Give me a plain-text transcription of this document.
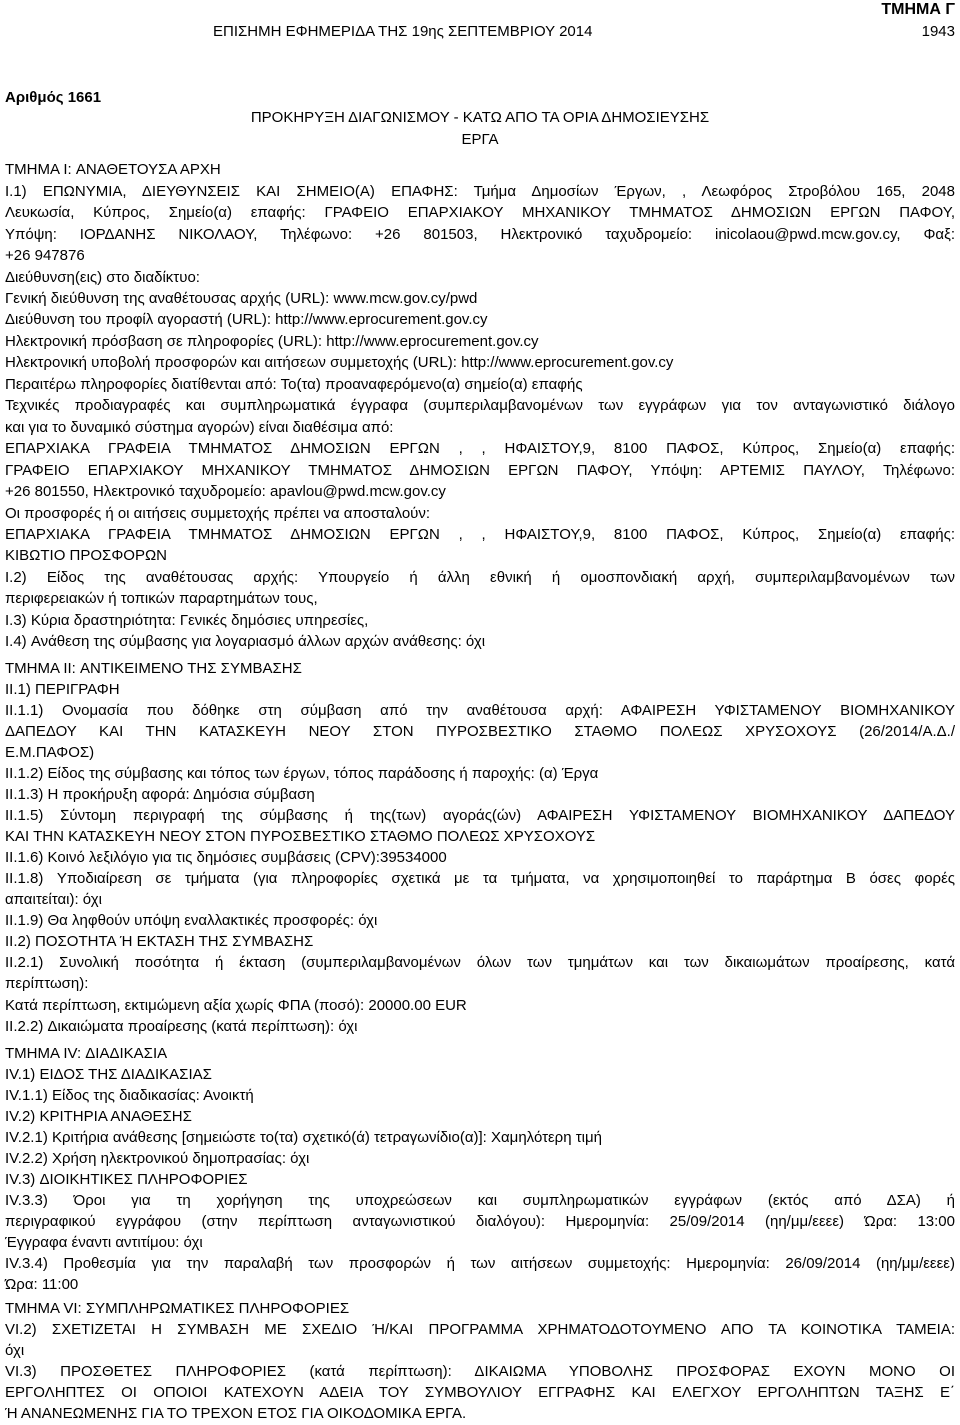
ΤΜΗΜΑ Γ
ΕΠΙΣΗΜΗ ΕΦΗΜΕΡΙΔΑ ΤΗΣ 19ης ΣΕΠΤΕΜΒΡΙΟΥ 2014	1943
Αριθμός 1661
ΠΡΟΚΗΡΥΞΗ ΔΙΑΓΩΝΙΣΜΟΥ - ΚΑΤΩ ΑΠΟ ΤΑ ΟΡΙΑ ΔΗΜΟΣΙΕΥΣΗΣ
ΕΡΓΑ
ΤΜΗΜΑ I: ΑΝΑΘΕΤΟΥΣΑ ΑΡΧΗ
I.1) ΕΠΩΝΥΜΙΑ, ΔΙΕΥΘΥΝΣΕΙΣ ΚΑΙ ΣΗΜΕΙΟ(Α) ΕΠΑΦΗΣ: Τμήμα Δημοσίων Έργων, , Λεωφόρος Στροβόλου 165, 2048
Λευκωσία, Κύπρος, Σημείο(α) επαφής: ΓΡΑΦΕΙΟ ΕΠΑΡΧΙΑΚΟΥ ΜΗΧΑΝΙΚΟΥ ΤΜΗΜΑΤΟΣ ΔΗΜΟΣΙΩΝ ΕΡΓΩΝ ΠΑΦΟΥ,
Υπόψη: ΙΟΡΔΑΝΗΣ ΝΙΚΟΛΑΟΥ, Τηλέφωνο: +26 801503, Ηλεκτρονικό ταχυδρομείο: inicolaou@pwd.mcw.gov.cy, Φαξ:
+26 947876
Διεύθυνση(εις) στο διαδίκτυο:
Γενική διεύθυνση της αναθέτουσας αρχής (URL): www.mcw.gov.cy/pwd
Διεύθυνση του προφίλ αγοραστή (URL): http://www.eprocurement.gov.cy
Ηλεκτρονική πρόσβαση σε πληροφορίες (URL): http://www.eprocurement.gov.cy
Ηλεκτρονική υποβολή προσφορών και αιτήσεων συμμετοχής (URL): http://www.eprocurement.gov.cy
Περαιτέρω πληροφορίες διατίθενται από: Το(τα) προαναφερόμενο(α) σημείο(α) επαφής
Τεχνικές προδιαγραφές και συμπληρωματικά έγγραφα (συμπεριλαμβανομένων των εγγράφων για τον ανταγωνιστικό διάλογο
και για το δυναμικό σύστημα αγορών) είναι διαθέσιμα από:
ΕΠΑΡΧΙΑΚΑ ΓΡΑΦΕΙΑ ΤΜΗΜΑΤΟΣ ΔΗΜΟΣΙΩΝ ΕΡΓΩΝ , , ΗΦΑΙΣΤΟΥ,9, 8100 ΠΑΦΟΣ, Κύπρος, Σημείο(α) επαφής:
ΓΡΑΦΕΙΟ ΕΠΑΡΧΙΑΚΟΥ ΜΗΧΑΝΙΚΟΥ ΤΜΗΜΑΤΟΣ ΔΗΜΟΣΙΩΝ ΕΡΓΩΝ ΠΑΦΟΥ, Υπόψη: ΑΡΤΕΜΙΣ ΠΑΥΛΟΥ, Τηλέφωνο:
+26 801550, Ηλεκτρονικό ταχυδρομείο: apavlou@pwd.mcw.gov.cy
Οι προσφορές ή οι αιτήσεις συμμετοχής πρέπει να αποσταλούν:
ΕΠΑΡΧΙΑΚΑ ΓΡΑΦΕΙΑ ΤΜΗΜΑΤΟΣ ΔΗΜΟΣΙΩΝ ΕΡΓΩΝ , , ΗΦΑΙΣΤΟΥ,9, 8100 ΠΑΦΟΣ, Κύπρος, Σημείο(α) επαφής:
ΚΙΒΩΤΙΟ ΠΡΟΣΦΟΡΩΝ
I.2) Είδος της αναθέτουσας αρχής: Υπουργείο ή άλλη εθνική ή ομοσπονδιακή αρχή, συμπεριλαμβανομένων των
περιφερειακών ή τοπικών παραρτημάτων τους,
I.3) Κύρια δραστηριότητα: Γενικές δημόσιες υπηρεσίες,
I.4) Ανάθεση της σύμβασης για λογαριασμό άλλων αρχών ανάθεσης: όχι
ΤΜΗΜΑ II: ΑΝΤΙΚΕΙΜΕΝΟ ΤΗΣ ΣΥΜΒΑΣΗΣ
II.1) ΠΕΡΙΓΡΑΦΗ
II.1.1) Ονομασία που δόθηκε στη σύμβαση από την αναθέτουσα αρχή: ΑΦΑΙΡΕΣΗ ΥΦΙΣΤΑΜΕΝΟΥ ΒΙΟΜΗΧΑΝΙΚΟΥ
ΔΑΠΕΔΟΥ ΚΑΙ ΤΗΝ ΚΑΤΑΣΚΕΥΗ ΝΕΟΥ ΣΤΟΝ ΠΥΡΟΣΒΕΣΤΙΚΟ ΣΤΑΘΜΟ ΠΟΛΕΩΣ ΧΡΥΣΟΧΟΥΣ (26/2014/Α.Δ./
Ε.Μ.ΠΑΦΟΣ)
II.1.2) Είδος της σύμβασης και τόπος των έργων, τόπος παράδοσης ή παροχής: (α) Έργα
II.1.3) Η προκήρυξη αφορά: Δημόσια σύμβαση
II.1.5) Σύντομη περιγραφή της σύμβασης ή της(των) αγοράς(ών) ΑΦΑΙΡΕΣΗ ΥΦΙΣΤΑΜΕΝΟΥ ΒΙΟΜΗΧΑΝΙΚΟΥ ΔΑΠΕΔΟΥ
ΚΑΙ ΤΗΝ ΚΑΤΑΣΚΕΥΗ ΝΕΟΥ ΣΤΟΝ ΠΥΡΟΣΒΕΣΤΙΚΟ ΣΤΑΘΜΟ ΠΟΛΕΩΣ ΧΡΥΣΟΧΟΥΣ
II.1.6) Κοινό λεξιλόγιο για τις δημόσιες συμβάσεις (CPV):39534000
II.1.8) Υποδιαίρεση σε τμήματα (για πληροφορίες σχετικά με τα τμήματα, να χρησιμοποιηθεί το παράρτημα Β όσες φορές
απαιτείται): όχι
II.1.9) Θα ληφθούν υπόψη εναλλακτικές προσφορές: όχι
II.2) ΠΟΣΟΤΗΤΑ Ή ΕΚΤΑΣΗ ΤΗΣ ΣΥΜΒΑΣΗΣ
II.2.1) Συνολική ποσότητα ή έκταση (συμπεριλαμβανομένων όλων των τμημάτων και των δικαιωμάτων προαίρεσης, κατά
περίπτωση):
Κατά περίπτωση, εκτιμώμενη αξία χωρίς ΦΠΑ (ποσό): 20000.00 EUR
II.2.2) Δικαιώματα προαίρεσης (κατά περίπτωση): όχι
ΤΜΗΜΑ IV: ΔΙΑΔΙΚΑΣΙΑ
IV.1) ΕΙΔΟΣ ΤΗΣ ΔΙΑΔΙΚΑΣΙΑΣ
IV.1.1) Είδος της διαδικασίας: Ανοικτή
IV.2) ΚΡΙΤΗΡΙΑ ΑΝΑΘΕΣΗΣ
IV.2.1) Κριτήρια ανάθεσης [σημειώστε το(τα) σχετικό(ά) τετραγωνίδιο(α)]: Χαμηλότερη τιμή
IV.2.2) Χρήση ηλεκτρονικού δημοπρασίας: όχι
IV.3) ΔΙΟΙΚΗΤΙΚΕΣ ΠΛΗΡΟΦΟΡΙΕΣ
IV.3.3) Όροι για τη χορήγηση της υποχρεώσεων και συμπληρωματικών εγγράφων (εκτός από ΔΣΑ) ή
περιγραφικού εγγράφου (στην περίπτωση ανταγωνιστικού διαλόγου): Ημερομηνία: 25/09/2014 (ηη/μμ/εεεε) Ώρα: 13:00
Έγγραφα έναντι αντιτίμου: όχι
IV.3.4) Προθεσμία για την παραλαβή των προσφορών ή των αιτήσεων συμμετοχής: Ημερομηνία: 26/09/2014 (ηη/μμ/εεεε)
Ώρα: 11:00
ΤΜΗΜΑ VI: ΣΥΜΠΛΗΡΩΜΑΤΙΚΕΣ ΠΛΗΡΟΦΟΡΙΕΣ
VI.2) ΣΧΕΤΙΖΕΤΑΙ Η ΣΥΜΒΑΣΗ ΜΕ ΣΧΕΔΙΟ Ή/ΚΑΙ ΠΡΟΓΡΑΜΜΑ ΧΡΗΜΑΤΟΔΟΤΟΥΜΕΝΟ ΑΠΟ ΤΑ ΚΟΙΝΟΤΙΚΑ ΤΑΜΕΙΑ:
όχι
VI.3) ΠΡΟΣΘΕΤΕΣ ΠΛΗΡΟΦΟΡΙΕΣ (κατά περίπτωση): ΔΙΚΑΙΩΜΑ ΥΠΟΒΟΛΗΣ ΠΡΟΣΦΟΡΑΣ ΕΧΟΥΝ ΜΟΝΟ ΟΙ
ΕΡΓΟΛΗΠΤΕΣ ΟΙ ΟΠΟΙΟΙ ΚΑΤΕΧΟΥΝ ΑΔΕΙΑ ΤΟΥ ΣΥΜΒΟΥΛΙΟΥ ΕΓΓΡΑΦΗΣ ΚΑΙ ΕΛΕΓΧΟΥ ΕΡΓΟΛΗΠΤΩΝ ΤΑΞΗΣ Ε΄
Ή ΑΝΑΝΕΩΜΕΝΗΣ ΓΙΑ ΤΟ ΤΡΕΧΟΝ ΕΤΟΣ ΓΙΑ ΟΙΚΟΔΟΜΙΚΑ ΕΡΓΑ.
